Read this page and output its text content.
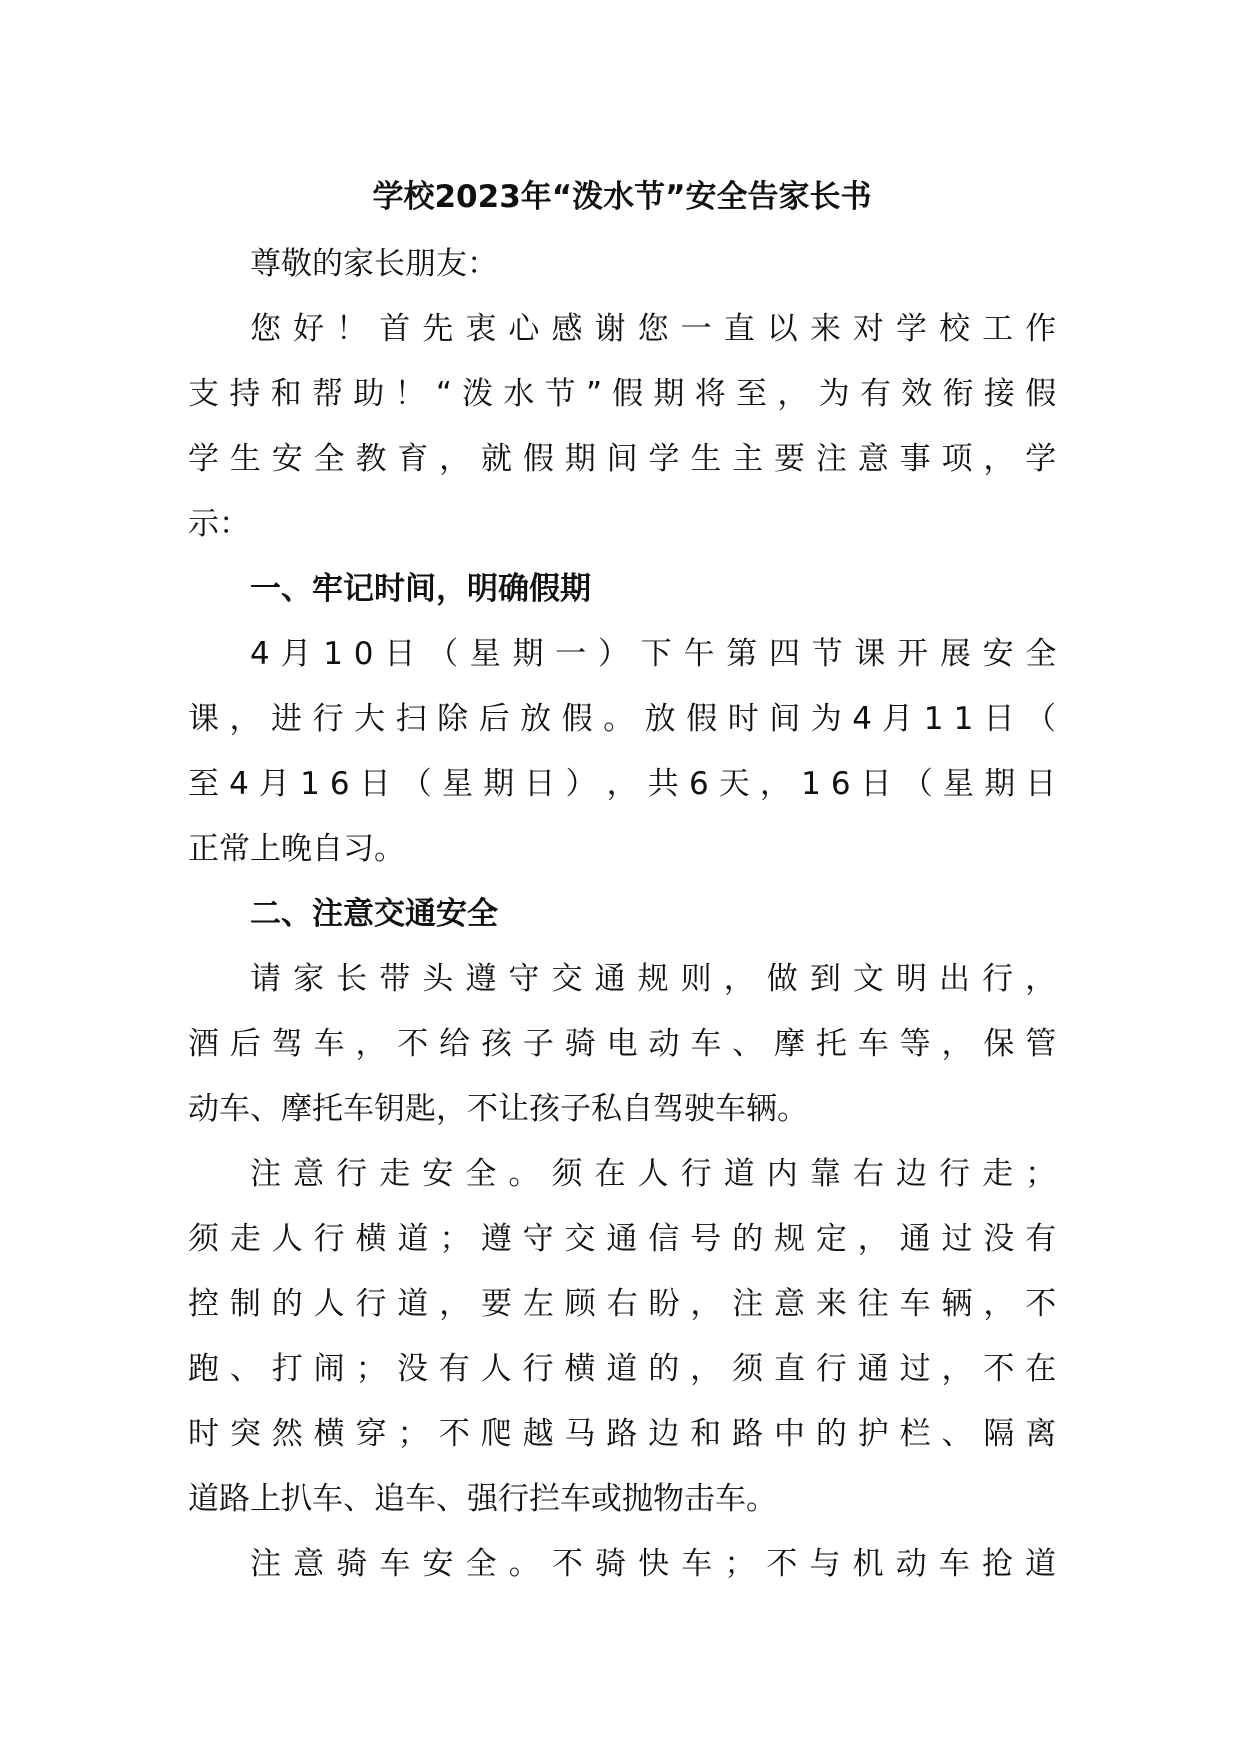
学校2023年“泼水节”安全告家长书
尊敬的家长朋友：
您 好 ！ 首 先 衷 心 感 谢 您 一 直 以 来 对 学 校 工 作
支 持 和 帮 助 ！ “ 泼 水 节 ” 假 期 将 至 ， 为 有 效 衔 接 假
学 生 安 全 教 育 ， 就 假 期 间 学 生 主 要 注 意 事 项 ， 学
示：
一、牢记时间，明确假期
4 月 1 0 日 （ 星 期 一 ） 下 午 第 四 节 课 开 展 安 全
课 ， 进 行 大 扫 除 后 放 假 。 放 假 时 间 为 4 月 1 1 日 （
至 4 月 1 6 日 （ 星 期 日 ） ， 共 6 天 ， 1 6 日 （ 星 期 日
正常上晚自习。
二、注意交通安全
请 家 长 带 头 遵 守 交 通 规 则 ， 做 到 文 明 出 行 ，
酒 后 驾 车 ， 不 给 孩 子 骑 电 动 车 、 摩 托 车 等 ， 保 管
动车、摩托车钥匙，不让孩子私自驾驶车辆。
注 意 行 走 安 全 。 须 在 人 行 道 内 靠 右 边 行 走 ；
须 走 人 行 横 道 ； 遵 守 交 通 信 号 的 规 定 ， 通 过 没 有
控 制 的 人 行 道 ， 要 左 顾 右 盼 ， 注 意 来 往 车 辆 ， 不
跑 、 打 闹 ； 没 有 人 行 横 道 的 ， 须 直 行 通 过 ， 不 在
时 突 然 横 穿 ； 不 爬 越 马 路 边 和 路 中 的 护 栏 、 隔 离
道路上扒车、追车、强行拦车或抛物击车。
注 意 骑 车 安 全 。 不 骑 快 车 ； 不 与 机 动 车 抢 道
